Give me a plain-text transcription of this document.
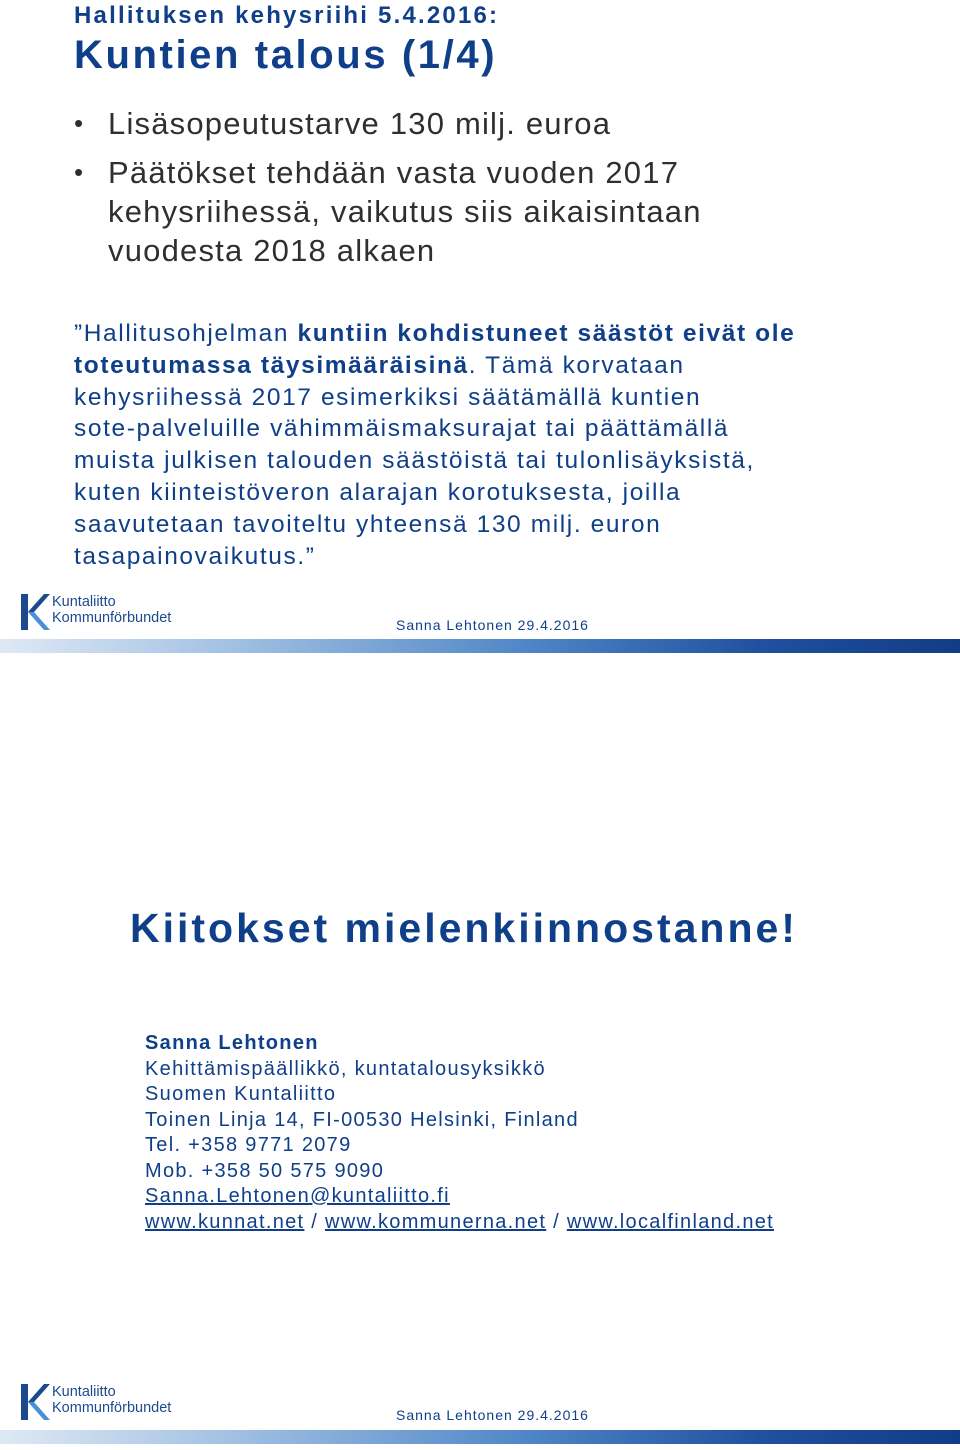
Hallituksen kehysriihi 5.4.2016:
Kuntien talous (1/4)
• Lisäsopeutustarve 130 milj. euroa
• Päätökset tehdään vasta vuoden 2017 kehysriihessä, vaikutus siis aikaisintaan vuodesta 2018 alkaen

”Hallitusohjelman kuntiin kohdistuneet säästöt eivät ole

toteutumassa täysimääräisinä. Tämä korvataan

kehysriihessä 2017 esimerkiksi säätämällä kuntien

sote-palveluille vähimmäismaksurajat tai päättämällä

muista julkisen talouden säästöistä tai tulonlisäyksistä,

kuten kiinteistöveron alarajan korotuksesta, joilla

saavutetaan tavoiteltu yhteensä 130 milj. euron

tasapainovaikutus.”

Kuntaliitto
Kommunförbundet	Sanna Lehtonen 29.4.2016
Kiitokset mielenkiinnostanne!
Sanna Lehtonen
Kehittämispäällikkö, kuntatalousyksikkö
Suomen Kuntaliitto
Toinen Linja 14, FI-00530 Helsinki, Finland
Tel. +358 9771 2079
Mob. +358 50 575 9090
Sanna.Lehtonen@kuntaliitto.fi
www.kunnat.net / www.kommunerna.net / www.localfinland.net
Kuntaliitto
Kommunförbundet	Sanna Lehtonen 29.4.2016
